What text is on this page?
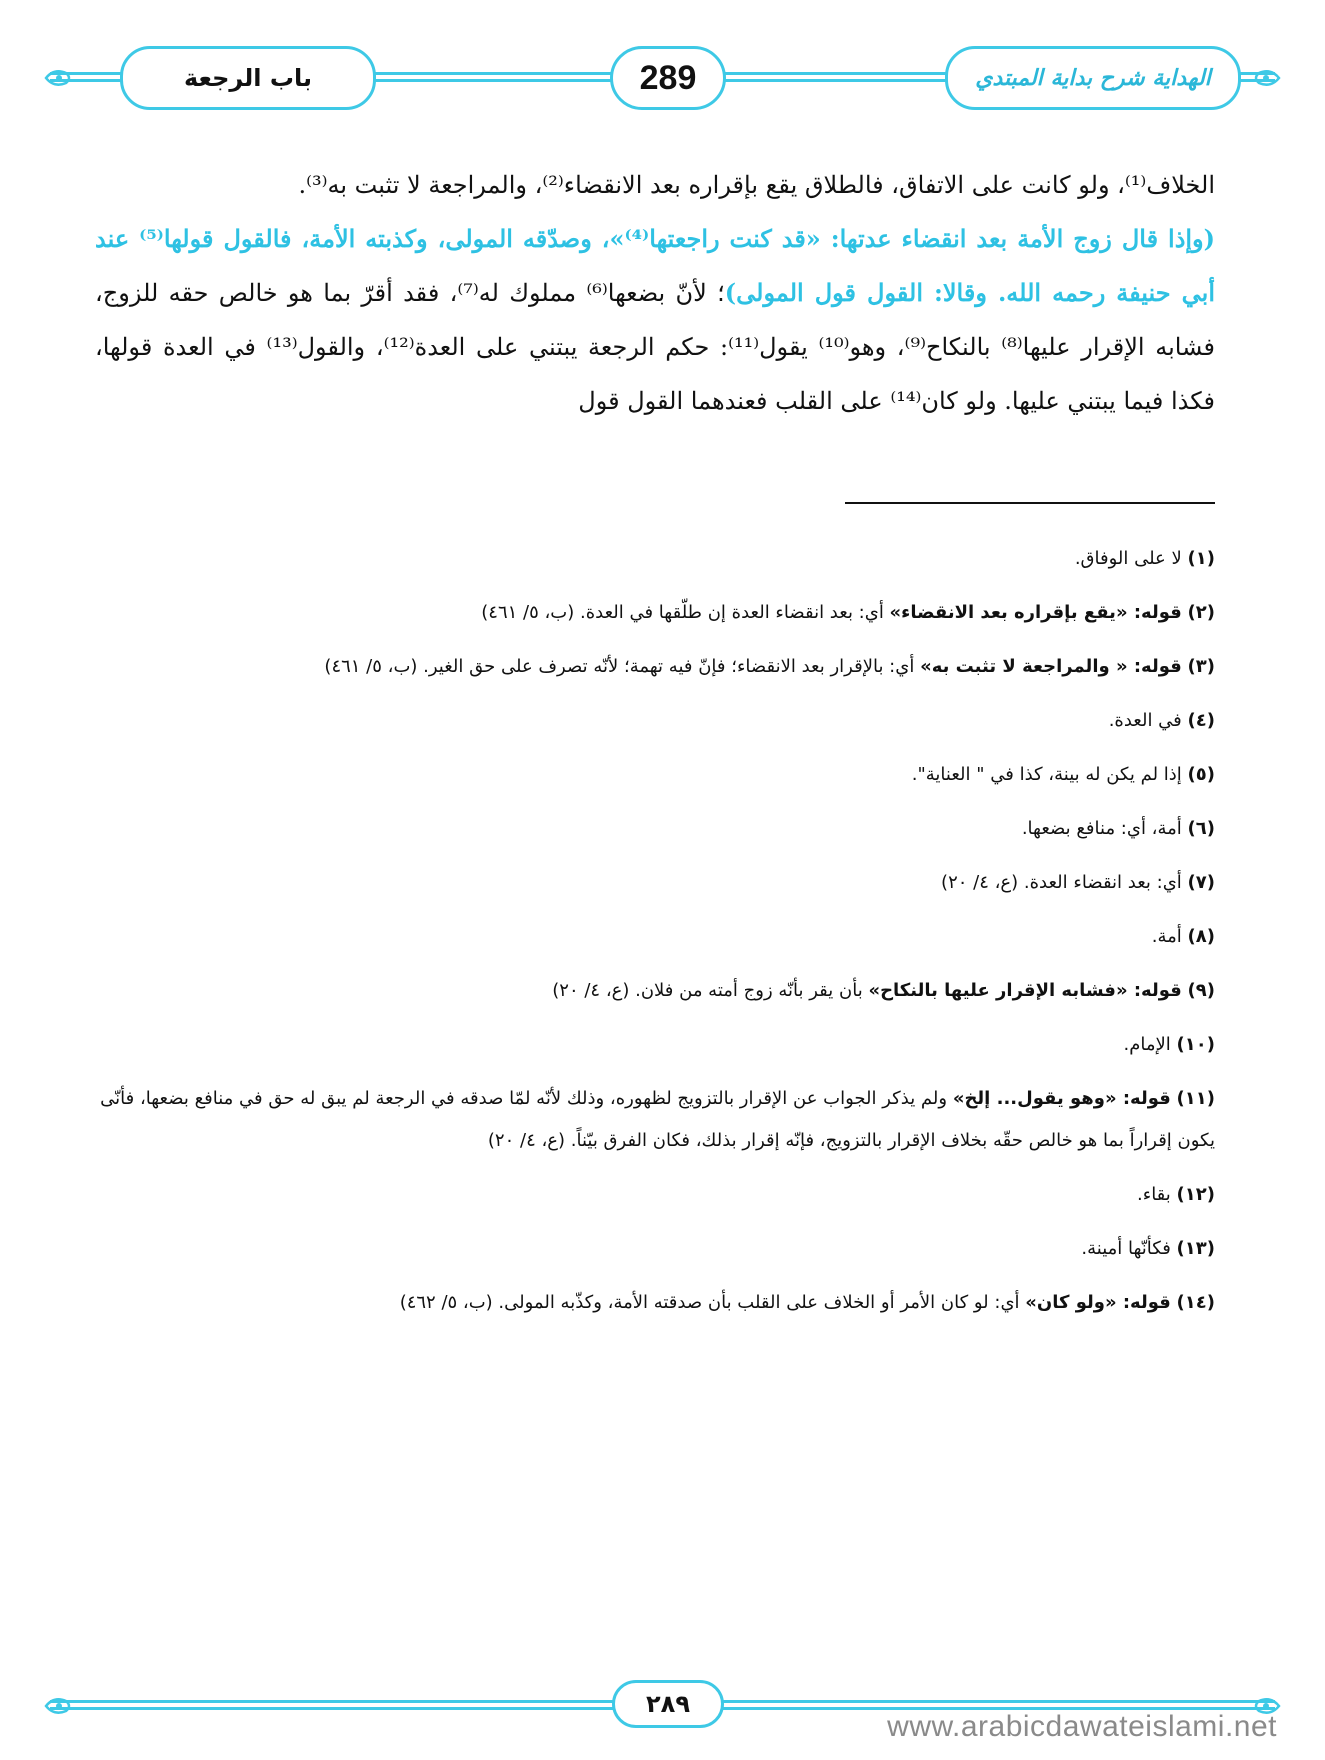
باب الرجعة	289	الهداية شرح بداية المبتدي

الخلاف⁽¹⁾، ولو كانت على الاتفاق، فالطلاق يقع بإقراره بعد الانقضاء⁽²⁾، والمراجعة لا تثبت به⁽³⁾.

(وإذا قال زوج الأمة بعد انقضاء عدتها: «قد كنت راجعتها⁽⁴⁾»، وصدّقه المولى، وكذبته الأمة، فالقول قولها⁽⁵⁾ عند أبي حنيفة رحمه الله. وقالا: القول قول المولى)؛ لأنّ بضعها⁽⁶⁾ مملوك له⁽⁷⁾، فقد أقرّ بما هو خالص حقه للزوج، فشابه الإقرار عليها⁽⁸⁾ بالنكاح⁽⁹⁾، وهو⁽¹⁰⁾ يقول⁽¹¹⁾: حكم الرجعة يبتني على العدة⁽¹²⁾، والقول⁽¹³⁾ في العدة قولها، فكذا فيما يبتني عليها. ولو كان⁽¹⁴⁾ على القلب فعندهما القول قول

(١) لا على الوفاق.
(٢) قوله: «يقع بإقراره بعد الانقضاء» أي: بعد انقضاء العدة إن طلّقها في العدة. (ب، ٥/ ٤٦١)
(٣) قوله: « والمراجعة لا تثبت به» أي: بالإقرار بعد الانقضاء؛ فإنّ فيه تهمة؛ لأنّه تصرف على حق الغير. (ب، ٥/ ٤٦١)
(٤) في العدة.
(٥) إذا لم يكن له بينة، كذا في " العناية".
(٦) أمة، أي: منافع بضعها.
(٧) أي: بعد انقضاء العدة. (ع، ٤/ ٢٠)
(٨) أمة.
(٩) قوله: «فشابه الإقرار عليها بالنكاح» بأن يقر بأنّه زوج أمته من فلان. (ع، ٤/ ٢٠)
(١٠) الإمام.
(١١) قوله: «وهو يقول... إلخ» ولم يذكر الجواب عن الإقرار بالتزويج لظهوره، وذلك لأنّه لمّا صدقه في الرجعة لم يبق له حق في منافع بضعها، فأنّى يكون إقراراً بما هو خالص حقّه بخلاف الإقرار بالتزويج، فإنّه إقرار بذلك، فكان الفرق بيّناً. (ع، ٤/ ٢٠)
(١٢) بقاء.
(١٣) فكأنّها أمينة.
(١٤) قوله: «ولو كان» أي: لو كان الأمر أو الخلاف على القلب بأن صدقته الأمة، وكذّبه المولى. (ب، ٥/ ٤٦٢)
٢٨٩
www.arabicdawateislami.net
